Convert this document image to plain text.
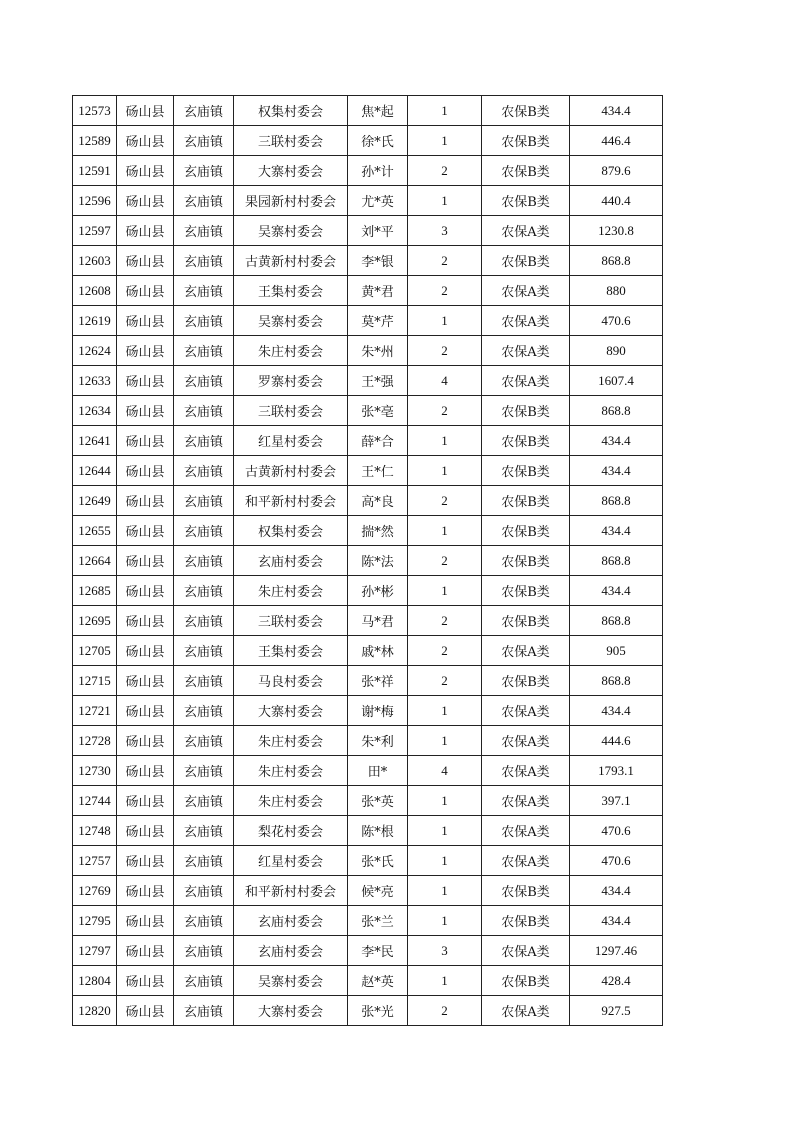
12573	砀山县	玄庙镇	权集村委会	焦*起	1	农保B类	434.4
12589	砀山县	玄庙镇	三联村委会	徐*氏	1	农保B类	446.4
12591	砀山县	玄庙镇	大寨村委会	孙*计	2	农保B类	879.6
12596	砀山县	玄庙镇	果园新村村委会	尤*英	1	农保B类	440.4
12597	砀山县	玄庙镇	吴寨村委会	刘*平	3	农保A类	1230.8
12603	砀山县	玄庙镇	古黄新村村委会	李*银	2	农保B类	868.8
12608	砀山县	玄庙镇	王集村委会	黄*君	2	农保A类	880
12619	砀山县	玄庙镇	吴寨村委会	莫*芹	1	农保A类	470.6
12624	砀山县	玄庙镇	朱庄村委会	朱*州	2	农保A类	890
12633	砀山县	玄庙镇	罗寨村委会	王*强	4	农保A类	1607.4
12634	砀山县	玄庙镇	三联村委会	张*亳	2	农保B类	868.8
12641	砀山县	玄庙镇	红星村委会	薛*合	1	农保B类	434.4
12644	砀山县	玄庙镇	古黄新村村委会	王*仁	1	农保B类	434.4
12649	砀山县	玄庙镇	和平新村村委会	高*良	2	农保B类	868.8
12655	砀山县	玄庙镇	权集村委会	揣*然	1	农保B类	434.4
12664	砀山县	玄庙镇	玄庙村委会	陈*法	2	农保B类	868.8
12685	砀山县	玄庙镇	朱庄村委会	孙*彬	1	农保B类	434.4
12695	砀山县	玄庙镇	三联村委会	马*君	2	农保B类	868.8
12705	砀山县	玄庙镇	王集村委会	戚*林	2	农保A类	905
12715	砀山县	玄庙镇	马良村委会	张*祥	2	农保B类	868.8
12721	砀山县	玄庙镇	大寨村委会	谢*梅	1	农保A类	434.4
12728	砀山县	玄庙镇	朱庄村委会	朱*利	1	农保A类	444.6
12730	砀山县	玄庙镇	朱庄村委会	田*	4	农保A类	1793.1
12744	砀山县	玄庙镇	朱庄村委会	张*英	1	农保A类	397.1
12748	砀山县	玄庙镇	梨花村委会	陈*根	1	农保A类	470.6
12757	砀山县	玄庙镇	红星村委会	张*氏	1	农保A类	470.6
12769	砀山县	玄庙镇	和平新村村委会	候*亮	1	农保B类	434.4
12795	砀山县	玄庙镇	玄庙村委会	张*兰	1	农保B类	434.4
12797	砀山县	玄庙镇	玄庙村委会	李*民	3	农保A类	1297.46
12804	砀山县	玄庙镇	吴寨村委会	赵*英	1	农保B类	428.4
12820	砀山县	玄庙镇	大寨村委会	张*光	2	农保A类	927.5
